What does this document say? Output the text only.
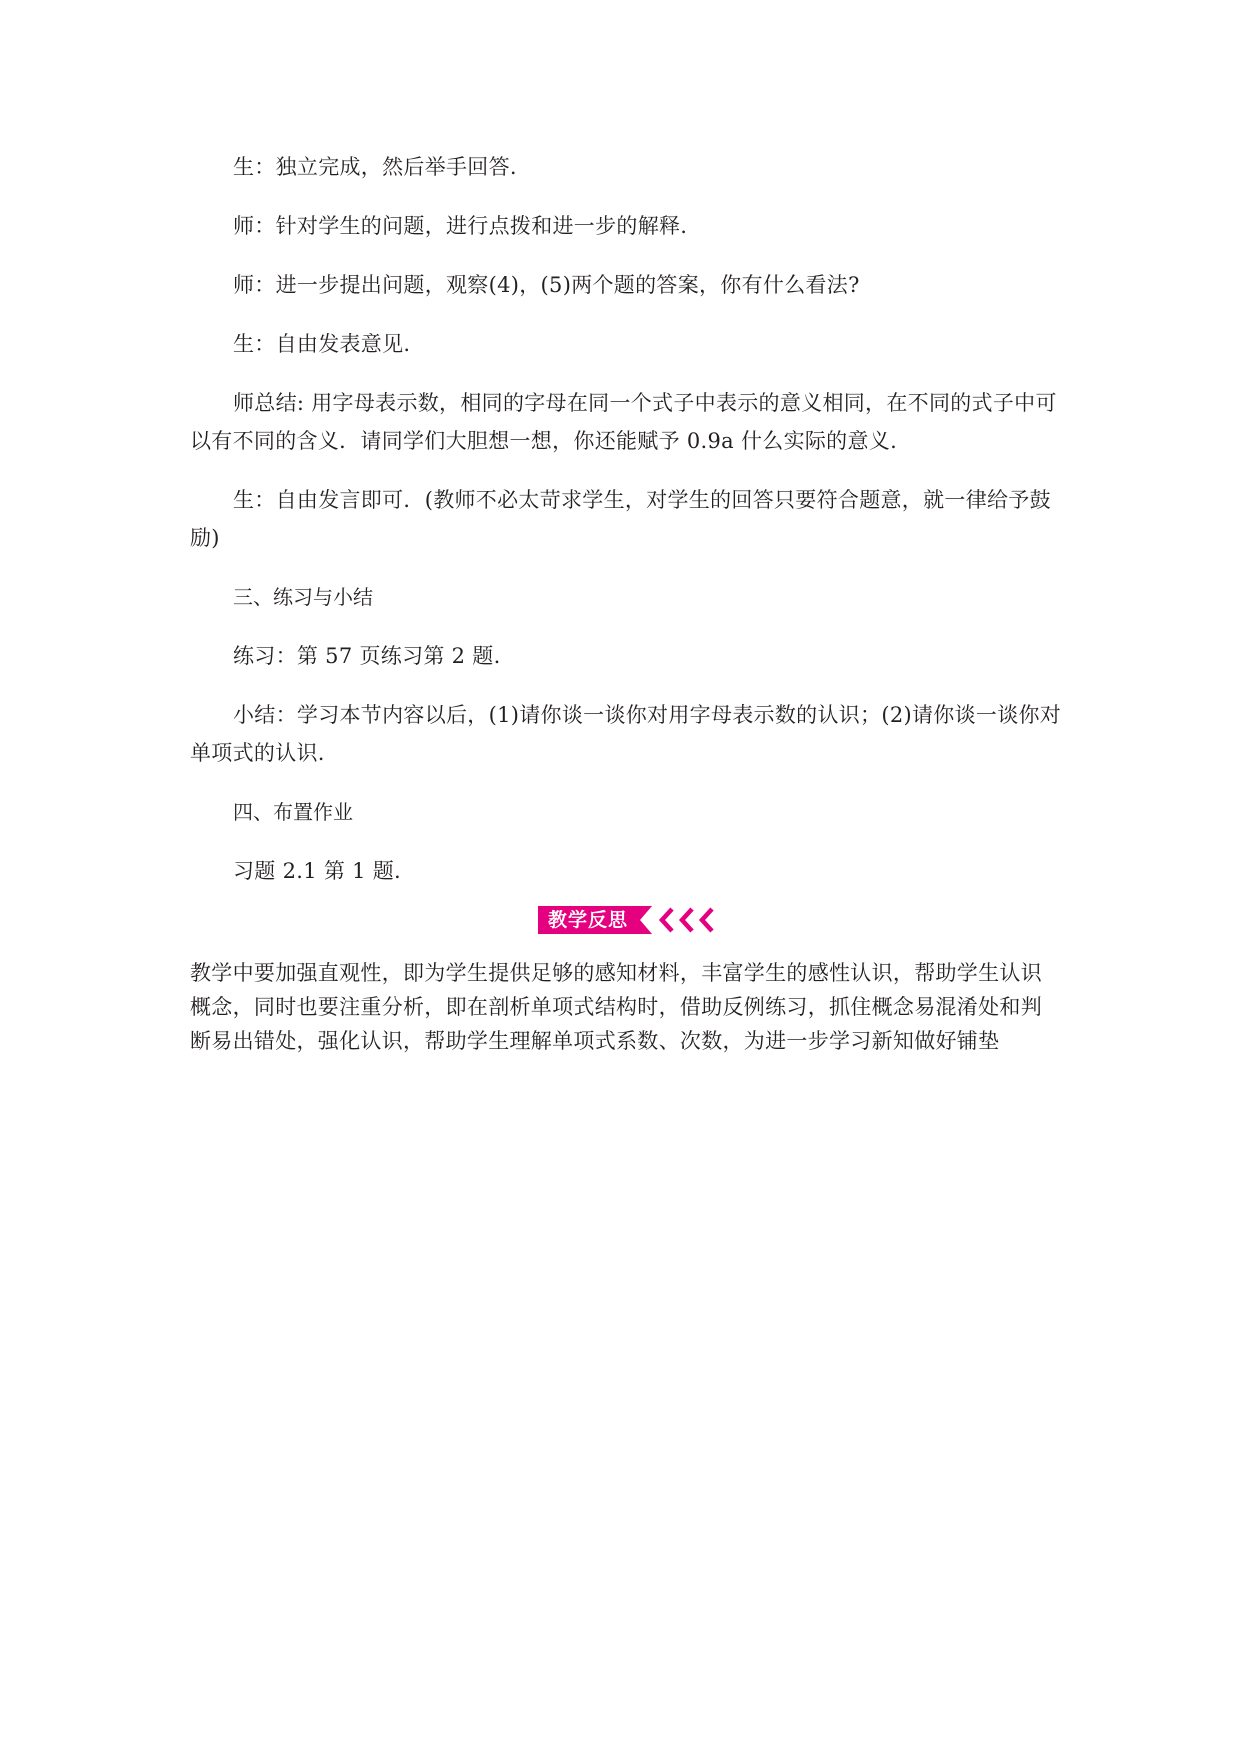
生：独立完成，然后举手回答.

师：针对学生的问题，进行点拨和进一步的解释.

师：进一步提出问题，观察(4)，(5)两个题的答案，你有什么看法?

生：自由发表意见.

师总结: 用字母表示数，相同的字母在同一个式子中表示的意义相同，在不同的式子中可以有不同的含义．请同学们大胆想一想，你还能赋予 0.9a 什么实际的意义.

生：自由发言即可．(教师不必太苛求学生，对学生的回答只要符合题意，就一律给予鼓励)

三、练习与小结

练习：第 57 页练习第 2 题.

小结：学习本节内容以后，(1)请你谈一谈你对用字母表示数的认识；(2)请你谈一谈你对单项式的认识.

四、布置作业

习题 2.1 第 1 题.

教学反思

教学中要加强直观性，即为学生提供足够的感知材料，丰富学生的感性认识，帮助学生认识概念，同时也要注重分析，即在剖析单项式结构时，借助反例练习，抓住概念易混淆处和判断易出错处，强化认识，帮助学生理解单项式系数、次数，为进一步学习新知做好铺垫
